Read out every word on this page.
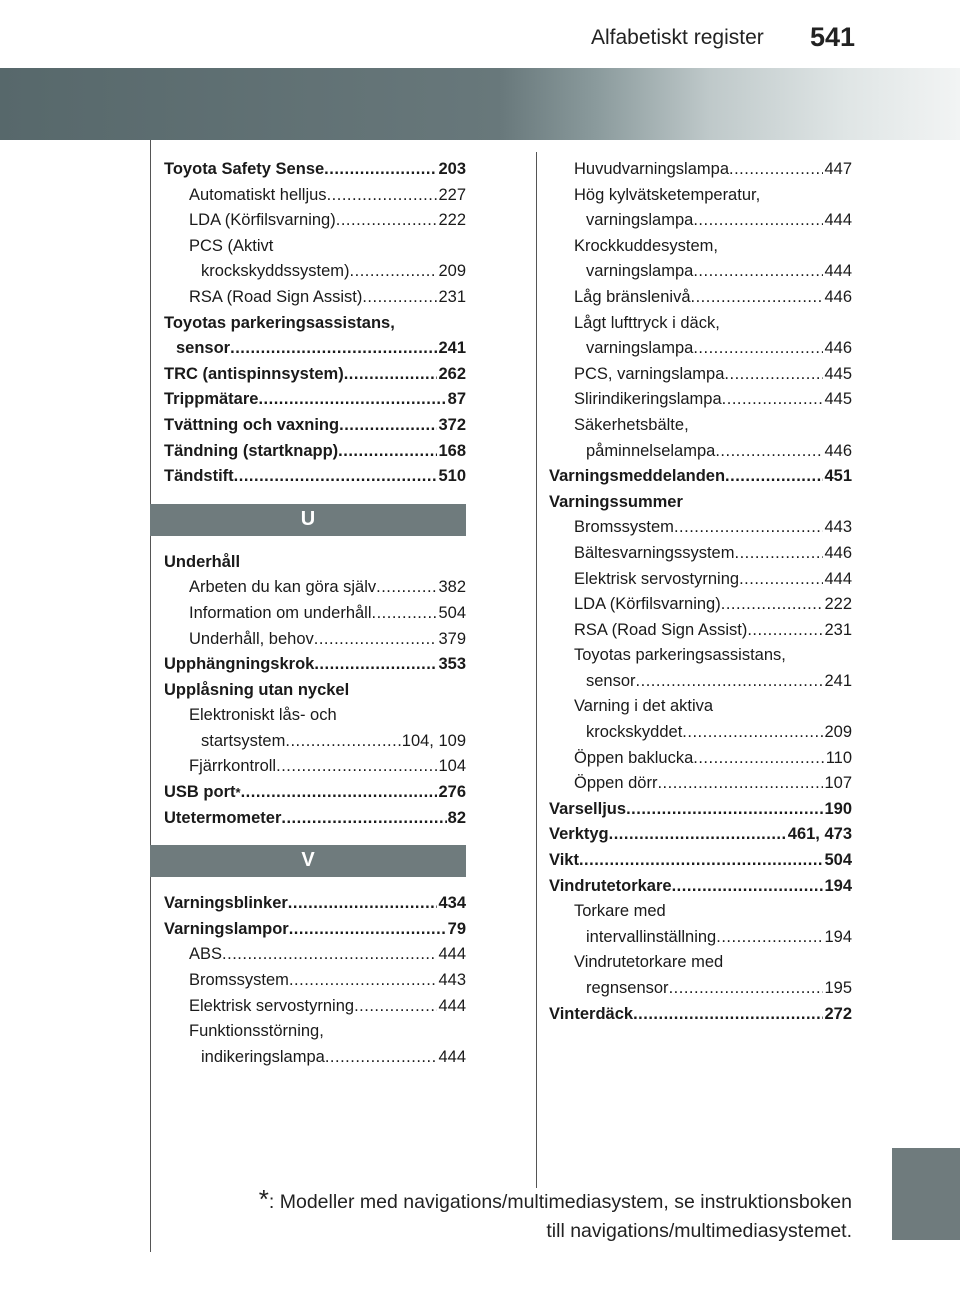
Alfabetiskt register 541
Toyota Safety Sense .....	203
Automatiskt helljus .....	227
LDA (Körfilsvarning) .....	222
PCS (Aktivt
krockskyddssystem) .....	209
RSA (Road Sign Assist) .....	231
Toyotas parkeringsassistans,
sensor .....	241
TRC (antispinnsystem) .....	262
Trippmätare .....	87
Tvättning och vaxning .....	372
Tändning (startknapp) .....	168
Tändstift .....	510
U
Underhåll
Arbeten du kan göra själv .....	382
Information om underhåll .....	504
Underhåll, behov .....	379
Upphängningskrok .....	353
Upplåsning utan nyckel
Elektroniskt lås- och
startsystem .....	104, 109
Fjärrkontroll .....	104
USB port * .....	276
Utetermometer .....	82
V
Varningsblinker .....	434
Varningslampor .....	79
ABS .....	444
Bromssystem .....	443
Elektrisk servostyrning .....	444
Funktionsstörning,
indikeringslampa .....	444
Huvudvarningslampa .....	447
Hög kylvätsketemperatur,
varningslampa .....	444
Krockkuddesystem,
varningslampa .....	444
Låg bränslenivå .....	446
Lågt lufttryck i däck,
varningslampa .....	446
PCS, varningslampa .....	445
Slirindikeringslampa .....	445
Säkerhetsbälte,
påminnelselampa .....	446
Varningsmeddelanden .....	451
Varningssummer
Bromssystem .....	443
Bältesvarningssystem .....	446
Elektrisk servostyrning .....	444
LDA (Körfilsvarning) .....	222
RSA (Road Sign Assist) .....	231
Toyotas parkeringsassistans,
sensor .....	241
Varning i det aktiva
krockskyddet .....	209
Öppen baklucka .....	110
Öppen dörr .....	107
Varselljus .....	190
Verktyg .....	461, 473
Vikt .....	504
Vindrutetorkare .....	194
Torkare med
intervallinställning .....	194
Vindrutetorkare med
regnsensor .....	195
Vinterdäck .....	272
*: Modeller med navigations/multimediasystem, se instruktionsboken
till navigations/multimediasystemet.
